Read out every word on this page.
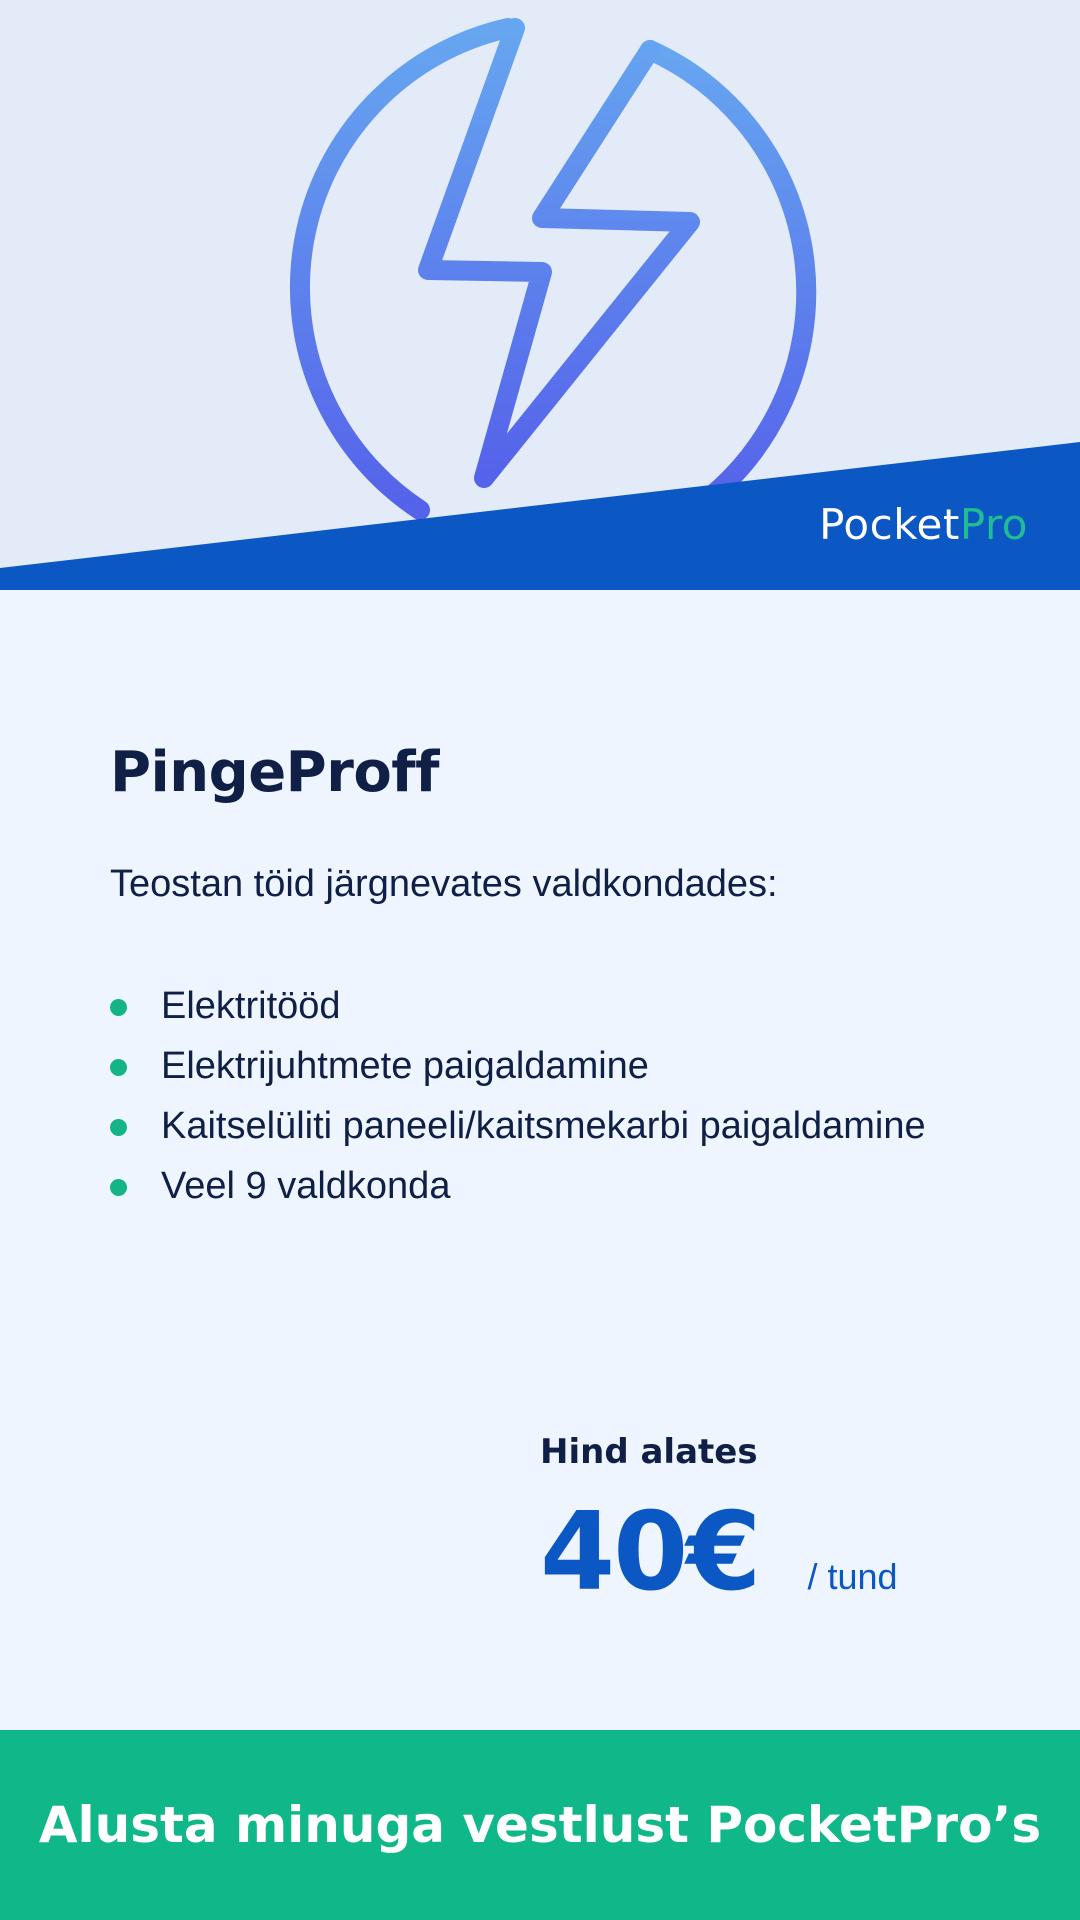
PocketPro
PingeProff
Teostan töid järgnevates valdkondades:
Elektritööd
Elektrijuhtmete paigaldamine
Kaitselüliti paneeli/kaitsmekarbi paigaldamine
Veel 9 valdkonda
Hind alates
40€ / tund
Alusta minuga vestlust PocketPro’s
